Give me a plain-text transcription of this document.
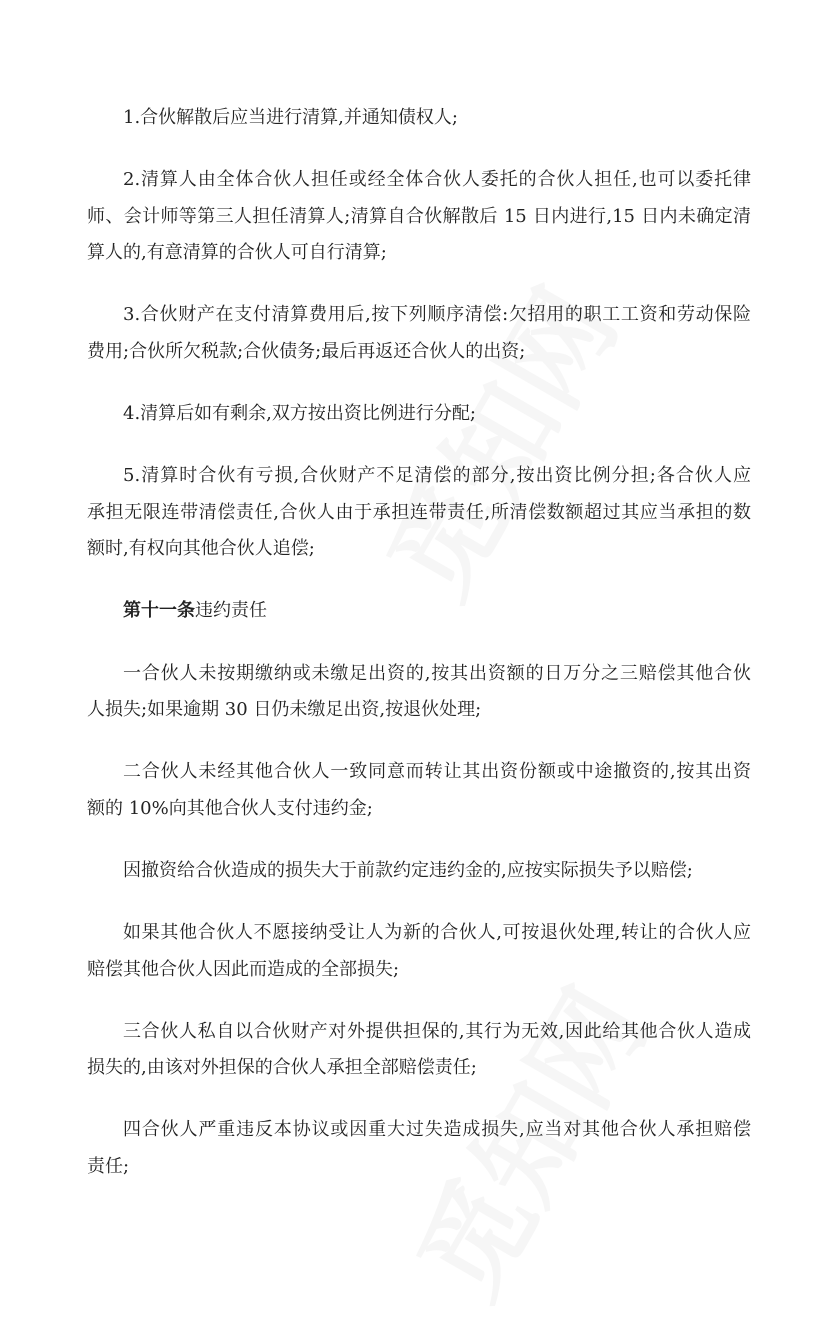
1.合伙解散后应当进行清算,并通知债权人;
2.清算人由全体合伙人担任或经全体合伙人委托的合伙人担任,也可以委托律
师、会计师等第三人担任清算人;清算自合伙解散后 15 日内进行,15 日内未确定清
算人的,有意清算的合伙人可自行清算;
3.合伙财产在支付清算费用后,按下列顺序清偿:欠招用的职工工资和劳动保险
费用;合伙所欠税款;合伙债务;最后再返还合伙人的出资;
4.清算后如有剩余,双方按出资比例进行分配;
5.清算时合伙有亏损,合伙财产不足清偿的部分,按出资比例分担;各合伙人应
承担无限连带清偿责任,合伙人由于承担连带责任,所清偿数额超过其应当承担的数
额时,有权向其他合伙人追偿;
第十一条违约责任
一合伙人未按期缴纳或未缴足出资的,按其出资额的日万分之三赔偿其他合伙
人损失;如果逾期 30 日仍未缴足出资,按退伙处理;
二合伙人未经其他合伙人一致同意而转让其出资份额或中途撤资的,按其出资
额的 10%向其他合伙人支付违约金;
因撤资给合伙造成的损失大于前款约定违约金的,应按实际损失予以赔偿;
如果其他合伙人不愿接纳受让人为新的合伙人,可按退伙处理,转让的合伙人应
赔偿其他合伙人因此而造成的全部损失;
三合伙人私自以合伙财产对外提供担保的,其行为无效,因此给其他合伙人造成
损失的,由该对外担保的合伙人承担全部赔偿责任;
四合伙人严重违反本协议或因重大过失造成损失,应当对其他合伙人承担赔偿
责任;
